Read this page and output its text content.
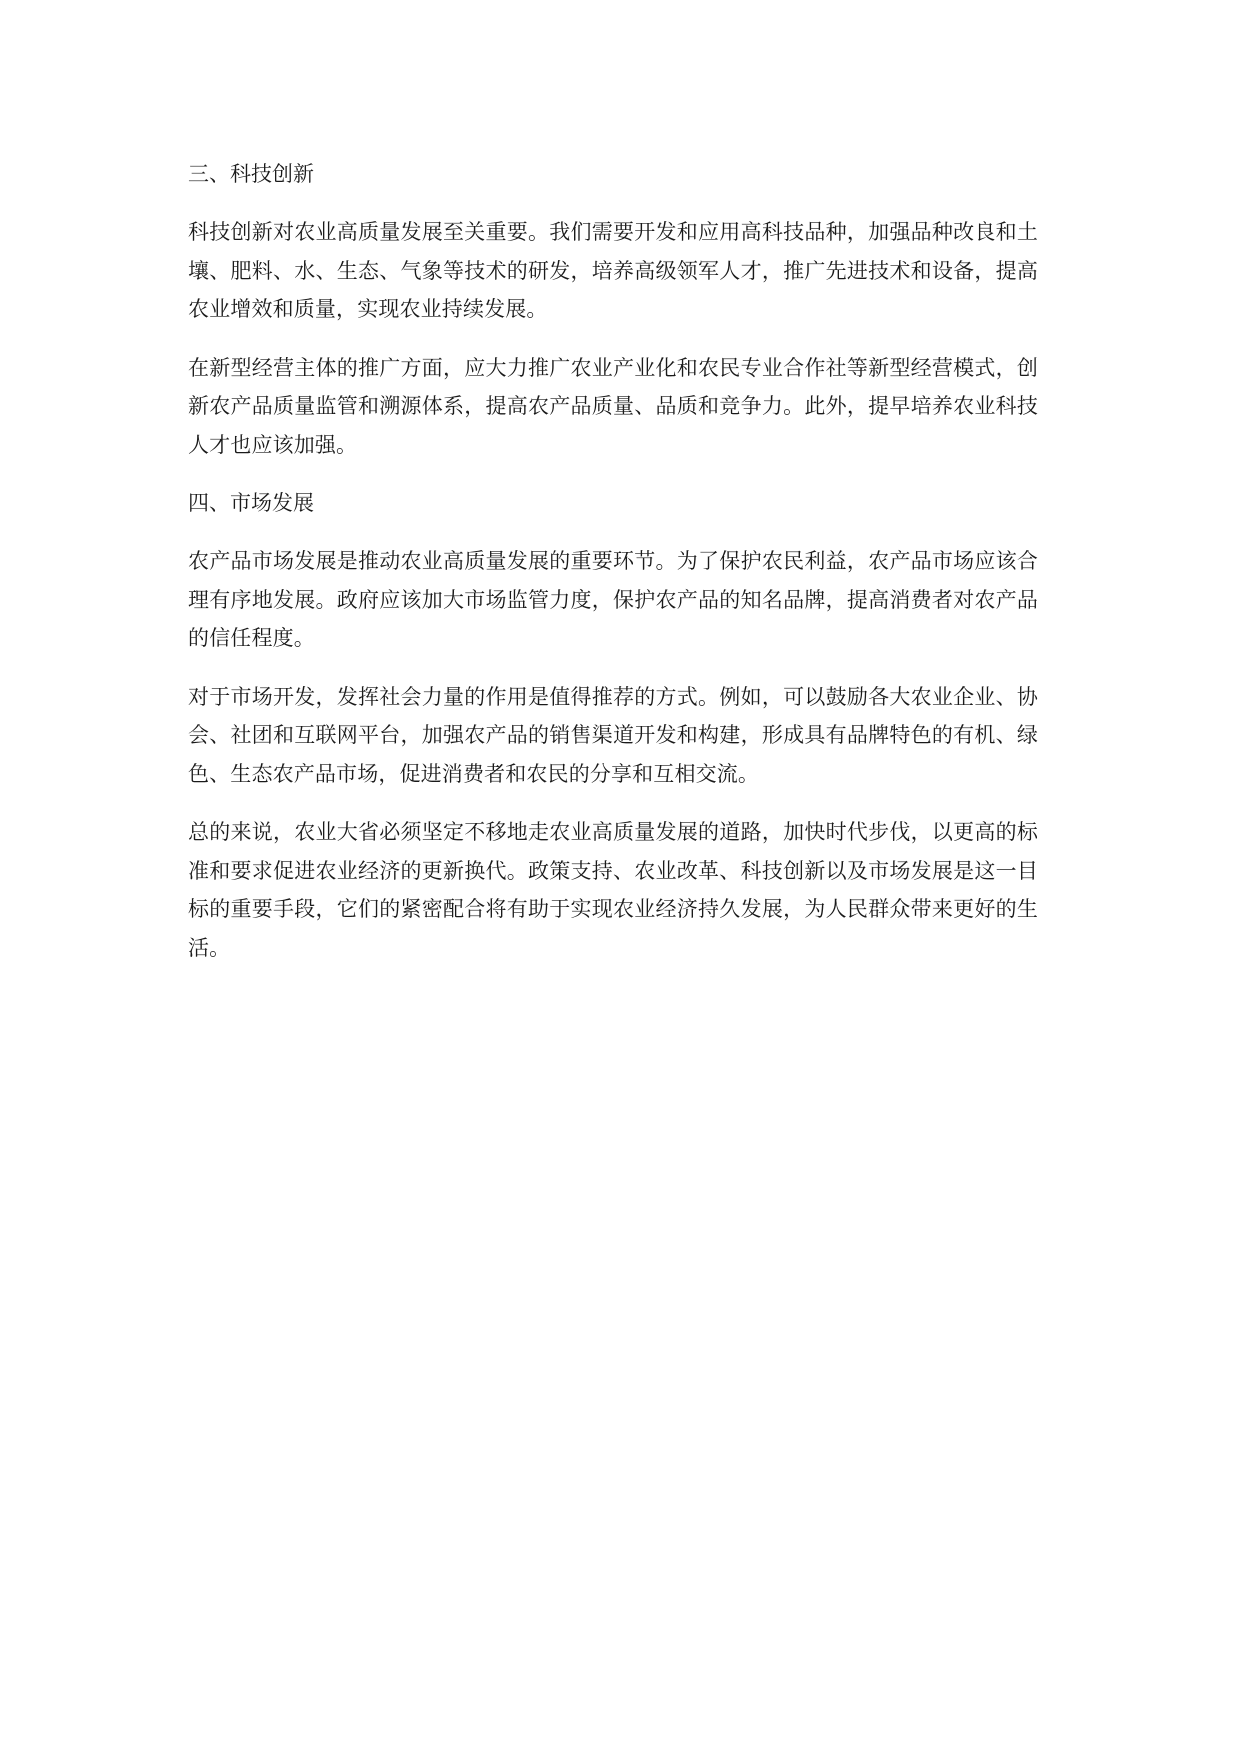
三、科技创新

科技创新对农业高质量发展至关重要。我们需要开发和应用高科技品种，加强品种改良和土壤、肥料、水、生态、气象等技术的研发，培养高级领军人才，推广先进技术和设备，提高农业增效和质量，实现农业持续发展。

在新型经营主体的推广方面，应大力推广农业产业化和农民专业合作社等新型经营模式，创新农产品质量监管和溯源体系，提高农产品质量、品质和竞争力。此外，提早培养农业科技人才也应该加强。

四、市场发展

农产品市场发展是推动农业高质量发展的重要环节。为了保护农民利益，农产品市场应该合理有序地发展。政府应该加大市场监管力度，保护农产品的知名品牌，提高消费者对农产品的信任程度。

对于市场开发，发挥社会力量的作用是值得推荐的方式。例如，可以鼓励各大农业企业、协会、社团和互联网平台，加强农产品的销售渠道开发和构建，形成具有品牌特色的有机、绿色、生态农产品市场，促进消费者和农民的分享和互相交流。

总的来说，农业大省必须坚定不移地走农业高质量发展的道路，加快时代步伐，以更高的标准和要求促进农业经济的更新换代。政策支持、农业改革、科技创新以及市场发展是这一目标的重要手段，它们的紧密配合将有助于实现农业经济持久发展，为人民群众带来更好的生活。
